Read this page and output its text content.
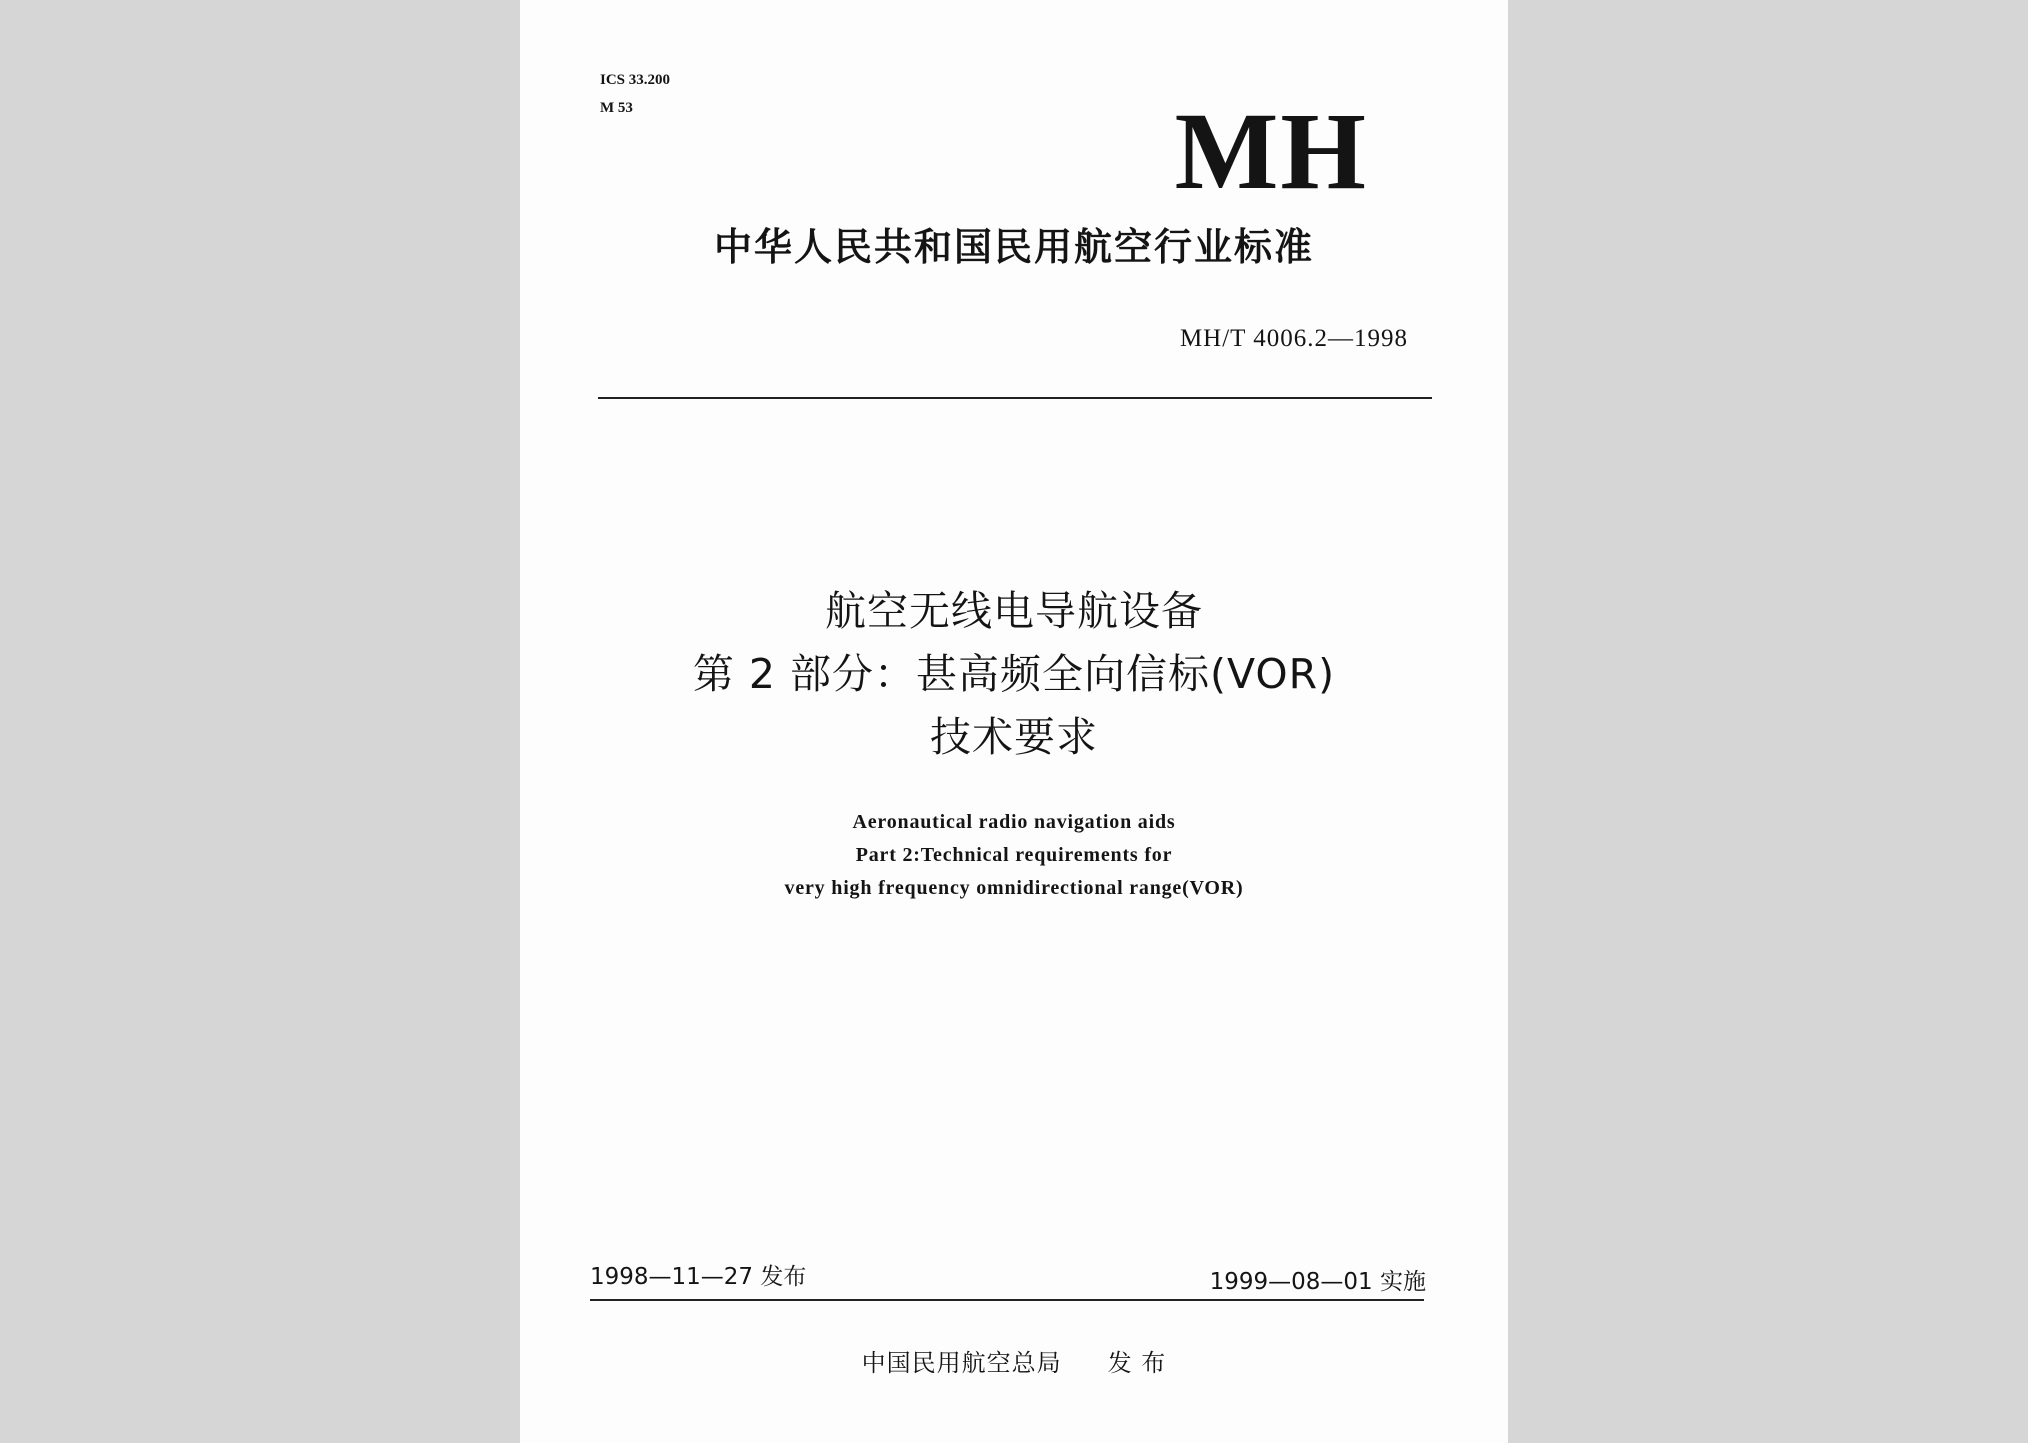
ICS 33.200
M 53	MH
中华人民共和国民用航空行业标准
MH/T 4006.2—1998
航空无线电导航设备
第 2 部分：甚高频全向信标(VOR)
技术要求
Aeronautical radio navigation aids
Part 2:Technical requirements for
very high frequency omnidirectional range(VOR)
1998—11—27 发布	1999—08—01 实施
中国民用航空总局 发 布
